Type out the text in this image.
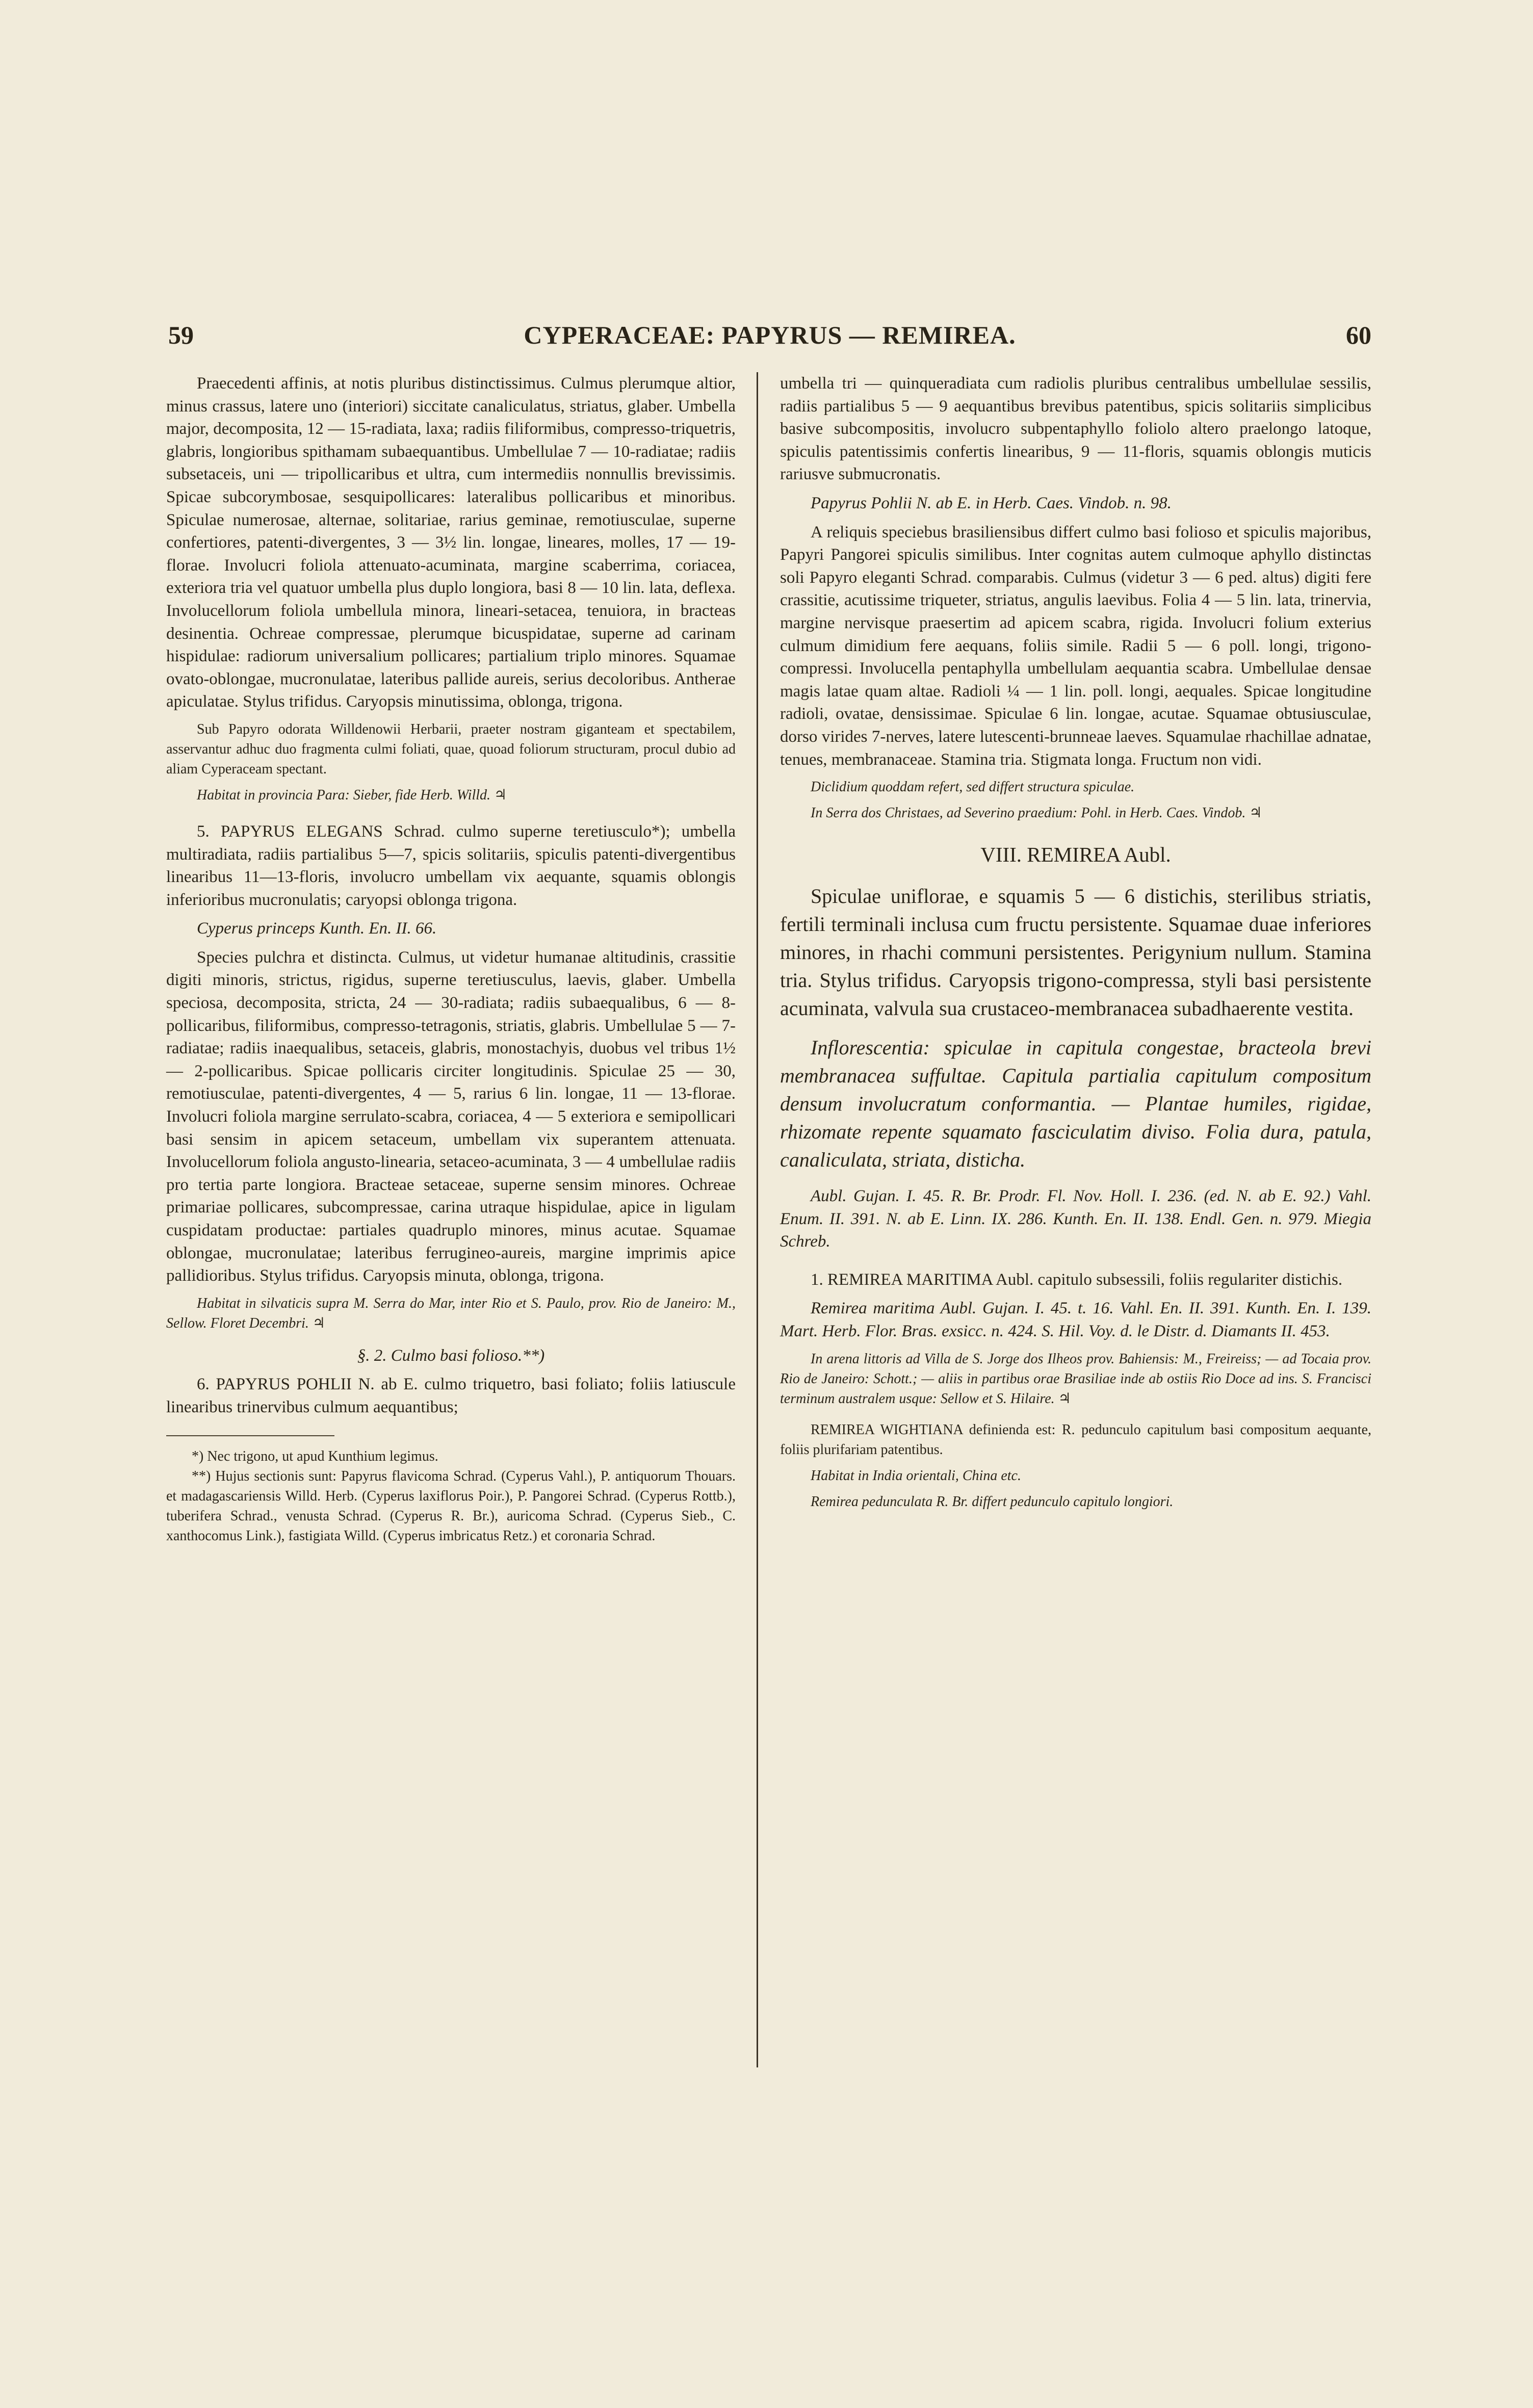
59	CYPERACEAE: PAPYRUS — REMIREA.	60

Praecedenti affinis, at notis pluribus distinctissimus. Culmus plerumque altior, minus crassus, latere uno (interiori) siccitate canaliculatus, striatus, glaber. Umbella major, decomposita, 12 — 15-radiata, laxa; radiis filiformibus, compresso-triquetris, glabris, longioribus spithamam subaequantibus. Umbellulae 7 — 10-radiatae; radiis subsetaceis, uni — tripollicaribus et ultra, cum intermediis nonnullis brevissimis. Spicae subcorymbosae, sesquipollicares: lateralibus pollicaribus et minoribus. Spiculae numerosae, alternae, solitariae, rarius geminae, remotiusculae, superne confertiores, patenti-divergentes, 3 — 3½ lin. longae, lineares, molles, 17 — 19-florae. Involucri foliola attenuato-acuminata, margine scaberrima, coriacea, exteriora tria vel quatuor umbella plus duplo longiora, basi 8 — 10 lin. lata, deflexa. Involucellorum foliola umbellula minora, lineari-setacea, tenuiora, in bracteas desinentia. Ochreae compressae, plerumque bicuspidatae, superne ad carinam hispidulae: radiorum universalium pollicares; partialium triplo minores. Squamae ovato-oblongae, mucronulatae, lateribus pallide aureis, serius decoloribus. Antherae apiculatae. Stylus trifidus. Caryopsis minutissima, oblonga, trigona.

Sub Papyro odorata Willdenowii Herbarii, praeter nostram giganteam et spectabilem, asservantur adhuc duo fragmenta culmi foliati, quae, quoad foliorum structuram, procul dubio ad aliam Cyperaceam spectant.

Habitat in provincia Para: Sieber, fide Herb. Willd. ♃

5. PAPYRUS ELEGANS Schrad. culmo superne teretiusculo*); umbella multiradiata, radiis partialibus 5—7, spicis solitariis, spiculis patenti-divergentibus linearibus 11—13-floris, involucro umbellam vix aequante, squamis oblongis inferioribus mucronulatis; caryopsi oblonga trigona.

Cyperus princeps Kunth. En. II. 66.

Species pulchra et distincta. Culmus, ut videtur humanae altitudinis, crassitie digiti minoris, strictus, rigidus, superne teretiusculus, laevis, glaber. Umbella speciosa, decomposita, stricta, 24 — 30-radiata; radiis subaequalibus, 6 — 8-pollicaribus, filiformibus, compresso-tetragonis, striatis, glabris. Umbellulae 5 — 7-radiatae; radiis inaequalibus, setaceis, glabris, monostachyis, duobus vel tribus 1½ — 2-pollicaribus. Spicae pollicaris circiter longitudinis. Spiculae 25 — 30, remotiusculae, patenti-divergentes, 4 — 5, rarius 6 lin. longae, 11 — 13-florae. Involucri foliola margine serrulato-scabra, coriacea, 4 — 5 exteriora e semipollicari basi sensim in apicem setaceum, umbellam vix superantem attenuata. Involucellorum foliola angusto-linearia, setaceo-acuminata, 3 — 4 umbellulae radiis pro tertia parte longiora. Bracteae setaceae, superne sensim minores. Ochreae primariae pollicares, subcompressae, carina utraque hispidulae, apice in ligulam cuspidatam productae: partiales quadruplo minores, minus acutae. Squamae oblongae, mucronulatae; lateribus ferrugineo-aureis, margine imprimis apice pallidioribus. Stylus trifidus. Caryopsis minuta, oblonga, trigona.

Habitat in silvaticis supra M. Serra do Mar, inter Rio et S. Paulo, prov. Rio de Janeiro: M., Sellow. Floret Decembri. ♃

§. 2. Culmo basi folioso.**)

6. PAPYRUS POHLII N. ab E. culmo triquetro, basi foliato; foliis latiuscule linearibus trinervibus culmum aequantibus;

*) Nec trigono, ut apud Kunthium legimus.

**) Hujus sectionis sunt: Papyrus flavicoma Schrad. (Cyperus Vahl.), P. antiquorum Thouars. et madagascariensis Willd. Herb. (Cyperus laxiflorus Poir.), P. Pangorei Schrad. (Cyperus Rottb.), tuberifera Schrad., venusta Schrad. (Cyperus R. Br.), auricoma Schrad. (Cyperus Sieb., C. xanthocomus Link.), fastigiata Willd. (Cyperus imbricatus Retz.) et coronaria Schrad.

umbella tri — quinqueradiata cum radiolis pluribus centralibus umbellulae sessilis, radiis partialibus 5 — 9 aequantibus brevibus patentibus, spicis solitariis simplicibus basive subcompositis, involucro subpentaphyllo foliolo altero praelongo latoque, spiculis patentissimis confertis linearibus, 9 — 11-floris, squamis oblongis muticis rariusve submucronatis.

Papyrus Pohlii N. ab E. in Herb. Caes. Vindob. n. 98.

A reliquis speciebus brasiliensibus differt culmo basi folioso et spiculis majoribus, Papyri Pangorei spiculis similibus. Inter cognitas autem culmoque aphyllo distinctas soli Papyro eleganti Schrad. comparabis. Culmus (videtur 3 — 6 ped. altus) digiti fere crassitie, acutissime triqueter, striatus, angulis laevibus. Folia 4 — 5 lin. lata, trinervia, margine nervisque praesertim ad apicem scabra, rigida. Involucri folium exterius culmum dimidium fere aequans, foliis simile. Radii 5 — 6 poll. longi, trigono-compressi. Involucella pentaphylla umbellulam aequantia scabra. Umbellulae densae magis latae quam altae. Radioli ¼ — 1 lin. poll. longi, aequales. Spicae longitudine radioli, ovatae, densissimae. Spiculae 6 lin. longae, acutae. Squamae obtusiusculae, dorso virides 7-nerves, latere lutescenti-brunneae laeves. Squamulae rhachillae adnatae, tenues, membranaceae. Stamina tria. Stigmata longa. Fructum non vidi.

Diclidium quoddam refert, sed differt structura spiculae.

In Serra dos Christaes, ad Severino praedium: Pohl. in Herb. Caes. Vindob. ♃

VIII. REMIREA Aubl.

Spiculae uniflorae, e squamis 5 — 6 distichis, sterilibus striatis, fertili terminali inclusa cum fructu persistente. Squamae duae inferiores minores, in rhachi communi persistentes. Perigynium nullum. Stamina tria. Stylus trifidus. Caryopsis trigono-compressa, styli basi persistente acuminata, valvula sua crustaceo-membranacea subadhaerente vestita.

Inflorescentia: spiculae in capitula congestae, bracteola brevi membranacea suffultae. Capitula partialia capitulum compositum densum involucratum conformantia. — Plantae humiles, rigidae, rhizomate repente squamato fasciculatim diviso. Folia dura, patula, canaliculata, striata, disticha.

Aubl. Gujan. I. 45. R. Br. Prodr. Fl. Nov. Holl. I. 236. (ed. N. ab E. 92.) Vahl. Enum. II. 391. N. ab E. Linn. IX. 286. Kunth. En. II. 138. Endl. Gen. n. 979. Miegia Schreb.

1. REMIREA MARITIMA Aubl. capitulo subsessili, foliis regulariter distichis.

Remirea maritima Aubl. Gujan. I. 45. t. 16. Vahl. En. II. 391. Kunth. En. I. 139. Mart. Herb. Flor. Bras. exsicc. n. 424. S. Hil. Voy. d. le Distr. d. Diamants II. 453.

In arena littoris ad Villa de S. Jorge dos Ilheos prov. Bahiensis: M., Freireiss; — ad Tocaia prov. Rio de Janeiro: Schott.; — aliis in partibus orae Brasiliae inde ab ostiis Rio Doce ad ins. S. Francisci terminum australem usque: Sellow et S. Hilaire. ♃

REMIREA WIGHTIANA definienda est: R. pedunculo capitulum basi compositum aequante, foliis plurifariam patentibus.

Habitat in India orientali, China etc.

Remirea pedunculata R. Br. differt pedunculo capitulo longiori.
